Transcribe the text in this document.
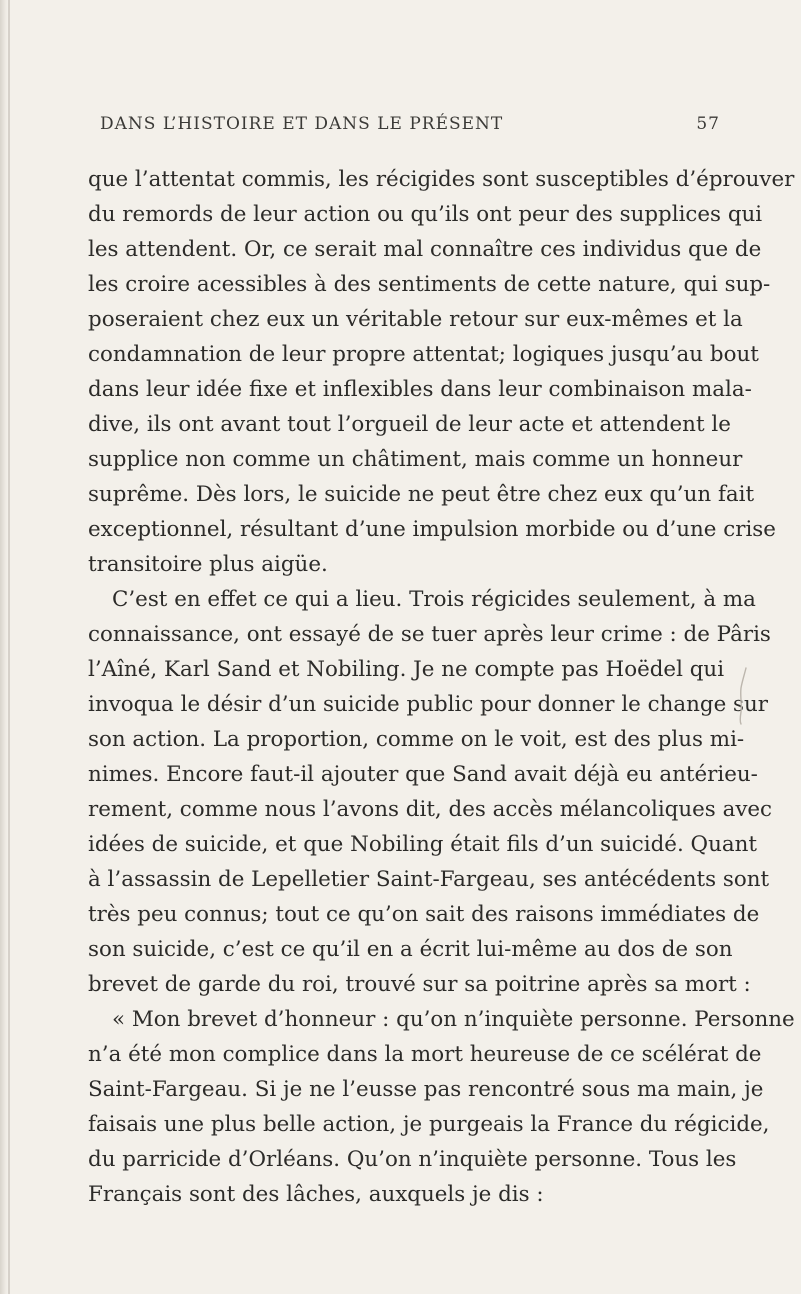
DANS L’HISTOIRE ET DANS LE PRÉSENT	57
que l’attentat commis, les récigides sont susceptibles d’éprouver
du remords de leur action ou qu’ils ont peur des supplices qui
les attendent. Or, ce serait mal connaître ces individus que de
les croire acessibles à des sentiments de cette nature, qui sup-
poseraient chez eux un véritable retour sur eux-mêmes et la
condamnation de leur propre attentat; logiques jusqu’au bout
dans leur idée fixe et inflexibles dans leur combinaison mala-
dive, ils ont avant tout l’orgueil de leur acte et attendent le
supplice non comme un châtiment, mais comme un honneur
suprême. Dès lors, le suicide ne peut être chez eux qu’un fait
exceptionnel, résultant d’une impulsion morbide ou d’une crise
transitoire plus aigüe.
C’est en effet ce qui a lieu. Trois régicides seulement, à ma
connaissance, ont essayé de se tuer après leur crime : de Pâris
l’Aîné, Karl Sand et Nobiling. Je ne compte pas Hoëdel qui
invoqua le désir d’un suicide public pour donner le change sur
son action. La proportion, comme on le voit, est des plus mi-
nimes. Encore faut-il ajouter que Sand avait déjà eu antérieu-
rement, comme nous l’avons dit, des accès mélancoliques avec
idées de suicide, et que Nobiling était fils d’un suicidé. Quant
à l’assassin de Lepelletier Saint-Fargeau, ses antécédents sont
très peu connus; tout ce qu’on sait des raisons immédiates de
son suicide, c’est ce qu’il en a écrit lui-même au dos de son
brevet de garde du roi, trouvé sur sa poitrine après sa mort :
« Mon brevet d’honneur : qu’on n’inquiète personne. Personne
n’a été mon complice dans la mort heureuse de ce scélérat de
Saint-Fargeau. Si je ne l’eusse pas rencontré sous ma main, je
faisais une plus belle action, je purgeais la France du régicide,
du parricide d’Orléans. Qu’on n’inquiète personne. Tous les
Français sont des lâches, auxquels je dis :
